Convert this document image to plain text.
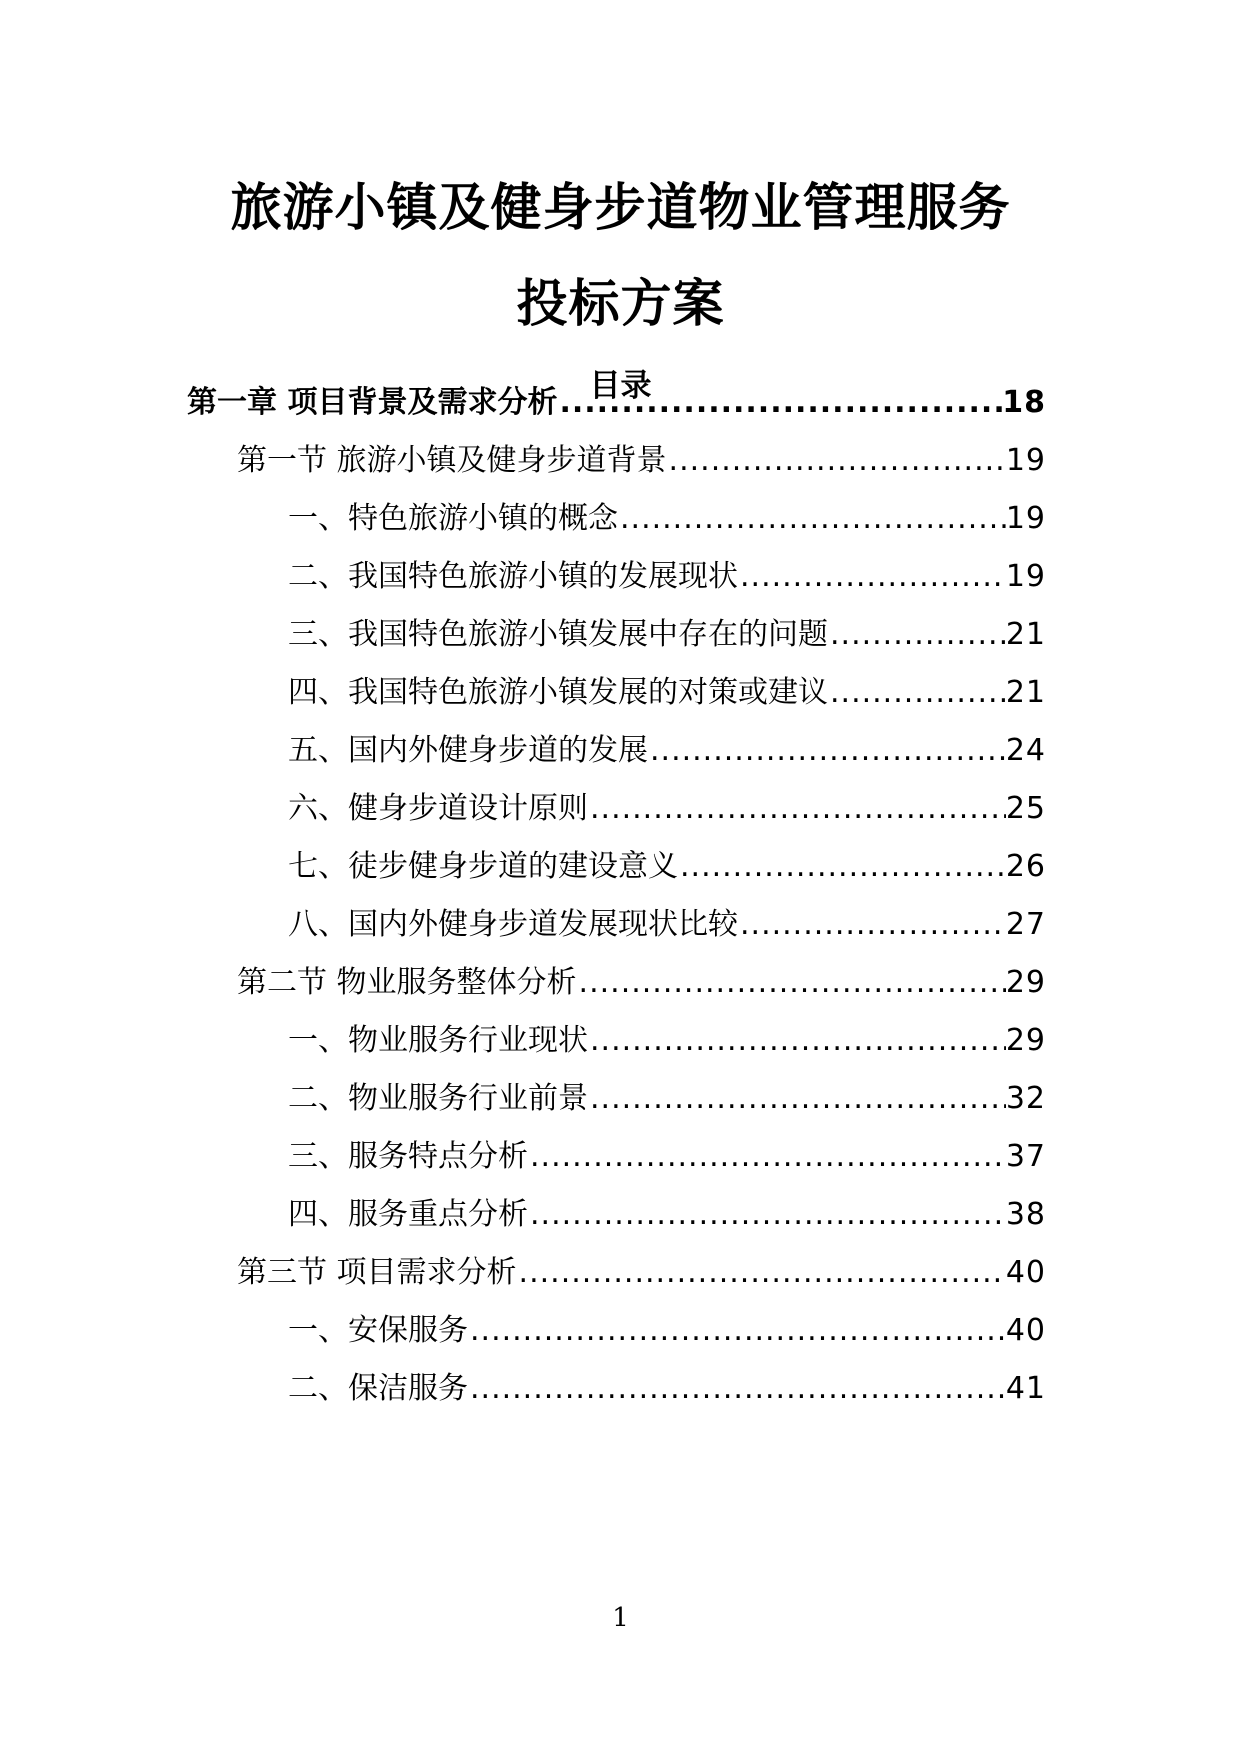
旅游小镇及健身步道物业管理服务
投标方案
目录
第一章 项目背景及需求分析 .....	18
第一节 旅游小镇及健身步道背景 .....	19
一、特色旅游小镇的概念 .....	19
二、我国特色旅游小镇的发展现状 .....	19
三、我国特色旅游小镇发展中存在的问题 .....	21
四、我国特色旅游小镇发展的对策或建议 .....	21
五、国内外健身步道的发展 .....	24
六、健身步道设计原则 .....	25
七、徒步健身步道的建设意义 .....	26
八、国内外健身步道发展现状比较 .....	27
第二节 物业服务整体分析 .....	29
一、物业服务行业现状 .....	29
二、物业服务行业前景 .....	32
三、服务特点分析 .....	37
四、服务重点分析 .....	38
第三节 项目需求分析 .....	40
一、安保服务 .....	40
二、保洁服务 .....	41
1
